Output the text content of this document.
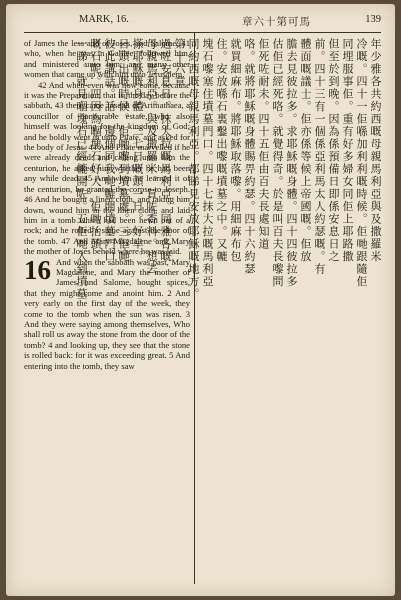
MARK, 16.	章六十第可馬	139

of James the less and of Joses, and Salome; 41 who, when he was in Galilee, followed him, and ministered unto him; and many other women that came up with him unto Jerusalem.

42 And when even was now come, because it was the Preparation, that is, the day before the sabbath, 43 there came Joseph of Arimathaea, a councillor of honourable estate, who also himself was looking for the kingdom of God; and he boldly went in unto Pilate, and asked for the body of Jesus. 44 And Pilate marvelled if he were already dead: and calling unto him the centurion, he asked him whether he had been any while dead. 45 And when he learned it of the centurion, he granted the corpse to Joseph. 46 And he bought a linen cloth, and taking him down, wound him in the linen cloth, and laid him in a tomb which had been hewn out of a rock; and he rolled a stone against the door of the tomb. 47 And Mary Magdalene and Mary the mother of Joses beheld where he was laid.

16 And when the sabbath was past, Mary Magdalene, and Mary the mother of James, and Salome, bought spices, that they might come and anoint him. 2 And very early on the first day of the week, they come to the tomb when the sun was risen. 3 And they were saying among themselves, Who shall roll us away the stone from the door of the tomb? 4 and looking up, they see that the stone is rolled back: for it was exceeding great. 5 And entering into the tomb, they saw

年少雅各共約西嘅母親馬利亞與及撒羅米
冷嘅。四十一佢喺加利利嘅時候。佢哋跟隨佢
同埋服事佢。重有好多婦女同佢上耶路撒
但至於到晚。因為係預備日即係安息日之
前。四十三有一個係亞利馬太人約瑟嘅。有
體面嘅議士。佢亦係等候上帝國嘅。佢放
膽去見彼拉多。求耶穌嘅身體。四十四彼拉多
估佢已經死咯。就覺得奇。於是叫百夫長嚟問
佢死咗耐未。四十五佢由百夫長處知道
咯。就將耶穌嘅身體賜畀約瑟。四十六約瑟
就買細麻布。將耶穌取落嚟。用細麻布包
住。安放喺石裏鑿出嚟嘅墳墓之中。又轆
塊石嚟塞住墳墓門口。四十七抹大拉嘅馬利亞
同約西嘅母親馬利亞。都睇見安放耶穌嘅地方。
第十六章
過咗安息日。抹大拉嘅馬利亞。同雅各嘅
母親馬利亞。與及撒羅米。買咗香料。想去
搽耶穌嘅身體。二七日嘅頭一日。好早。
日頭出嘅時候。佢哋嚟到墳墓處。三佢哋
彼此講話。話。邊個同我哋轆開墳墓門口
嘅石呢。四因為嗰塊石好大。佢哋抬頭
一睇。就見嗰塊石已經轆開咗。五佢哋入到墳墓
